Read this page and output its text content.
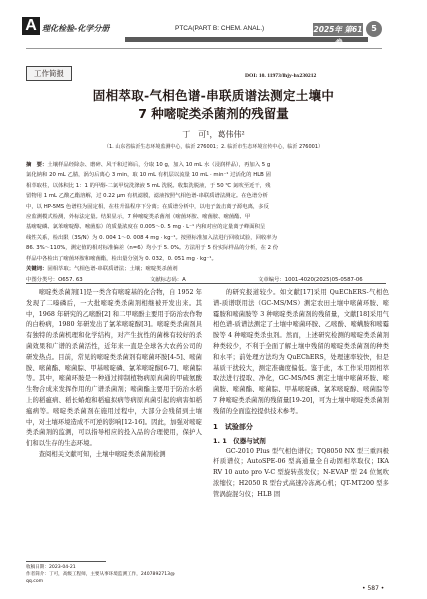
A 理化检验-化学分册	PTCA(PART B: CHEM. ANAL.)	2025年 第61卷
5
工作简报	DOI: 10. 11973/lhjy-hx230212
固相萃取-气相色谱-串联质谱法测定土壤中
7 种嘧啶类杀菌剂的残留量
丁　可¹，葛伟伟²
（1. 山东省临沂生态环境监测中心，临沂 276001；2. 临沂市生态环境宣传中心，临沂 276001）
摘　要：土壤样品经除杂、磨碎、风干和过筛后，分取 10 g，加入 10 mL 水（浸润样品），再加入 5 g
氯化钠和 20 mL 乙腈，涡匀后离心 3 min，取 10 mL 有机层以流量 10 mL · min⁻¹ 过活化的 HLB 固
相萃取柱，以体积比 1：1 的甲醇-二氯甲烷洗涤液 5 mL 洗脱。收集洗脱液，于 50 ℃ 氮吹至近干，残
留物用 1 mL 乙酸乙酯溶解，过 0.22 μm 有机滤膜，滤液按照气相色谱-串联质谱法测定。在色谱分析
中，以 HP-5MS 色谱柱为固定相，在柱升温程序下分离；在质谱分析中，以电子轰击离子源电离，多反
应监测模式检测，外标法定量。结果显示，7 种嘧啶类杀菌剂（嘧菌环胺、嘧菌胺、嘧菌酯、甲
基嘧啶磷、氯苯嘧啶醇、嘧菌腙）的质量浓度在 0.005～0. 5 mg · L⁻¹ 内和对应的定量离子峰面积呈
线性关系，检出限（3S/N）为 0. 004 1～0. 008 4 mg · kg⁻¹。按照标准加入法进行回收试验，回收率为
86. 3%～110%，测定值的相对标准偏差（n=6）均小于 5. 0%。方法用于 5 份实际样品的分析，在 2 份
样品中各检出了嘧菌环胺和嘧菌酯，检出量分别为 0. 032，0. 051 mg · kg⁻¹。
关键词：固相萃取；气相色谱-串联质谱法；土壤；嘧啶类杀菌剂
中图分类号：O657. 63	文献标志码：A	文章编号：1001-4020(2025)05-0587-06

嘧啶类杀菌剂[1]是一类含有嘧啶基的化合物，自 1952 年发现了二嗪磷后，一大批嘧啶类杀菌剂相继被开发出来。其中，1968 年研究的乙嘧酚[2] 和二甲嘧酚主要用于防治农作物的白粉病，1980 年研发出了氯苯嘧啶醇[3]。嘧啶类杀菌剂具有独特的杀菌机理和化学结构，对产生抗性的菌株有较好的杀菌效果和广谱的杀菌活性，近年来一直是全球各大农药公司的研发热点。目前，常见的嘧啶类杀菌剂有嘧菌环胺[4-5]、嘧菌胺、嘧菌酯、嘧菌腙、甲基嘧啶磷、氯苯嘧啶醇[6-7]、嘧菌腙等。其中，嘧菌环胺是一种通过抑制植物病原真菌的甲硫氨酸生物合成来发挥作用的广谱杀菌剂；嘧菌酯主要用于防治水稻上的稻瘟病、稻长蝽炮和稻瘟拟病等病原真菌引起的病害如稻瘟病等。嘧啶类杀菌剂在施用过程中，大部分会残留到土壤中，对土壤环境造成不可逆的影响[12-16]。因此，加强对嘧啶类杀菌剂的监测，可以指导相应的投入品的合理使用，保护人们和以生存的生态环境。

查阅相关文献可知，土壤中嘧啶类杀菌剂检测

的研究报道较少。如文献[17]采用 QuEChERS-气相色谱-质谱联用法（GC-MS/MS）测定农田土壤中嘧菌环胺、嘧霉胺和嘧菌胺等 3 种嘧啶类杀菌剂的残留量，文献[18]采用气相色谱-质谱法测定了土壤中嘧菌环胺、乙嘧酚、嘧螨胺和嘧霉胺等 4 种嘧啶类杀虫剂。然而，上述研究检测的嘧啶类杀菌剂种类较少，不利于全面了解土壤中残留的嘧啶类杀菌剂的种类和水平；前处理方法均为 QuEChERS，处理速率较快，但是基质干扰较大，测定准确度偏低。鉴于此，本工作采用固相萃取法进行提取、净化，GC-MS/MS 测定土壤中嘧菌环胺、嘧菌胺、嘧菌酯、嘧菌腙、甲基嘧啶磷、氯苯嘧啶醇、嘧菌腙等 7 种嘧啶类杀菌剂的残留量[19-20]，可为土壤中嘧啶类杀菌剂残留的全面监控提供技术参考。

1　试验部分
1. 1　仪器与试剂

GC-2010 Plus 型气相色谱仪；TQ8050 NX 型三重四极杆质谱仪；AutoSPE-06 型高通量全自动固相萃取仪；IKA RV 10 auto pro V-C 型旋转蒸发仪；N-EVAP 型 24 位氮吹浓缩仪；H2050 R 型台式高速冷冻离心机；QT-MT200 型多管涡旋混匀仪；HLB 固

收稿日期：2023-04-21
作者简介：丁可，高级工程师，主要从事环境监测工作，2407892713@
qq.com
• 587 •
